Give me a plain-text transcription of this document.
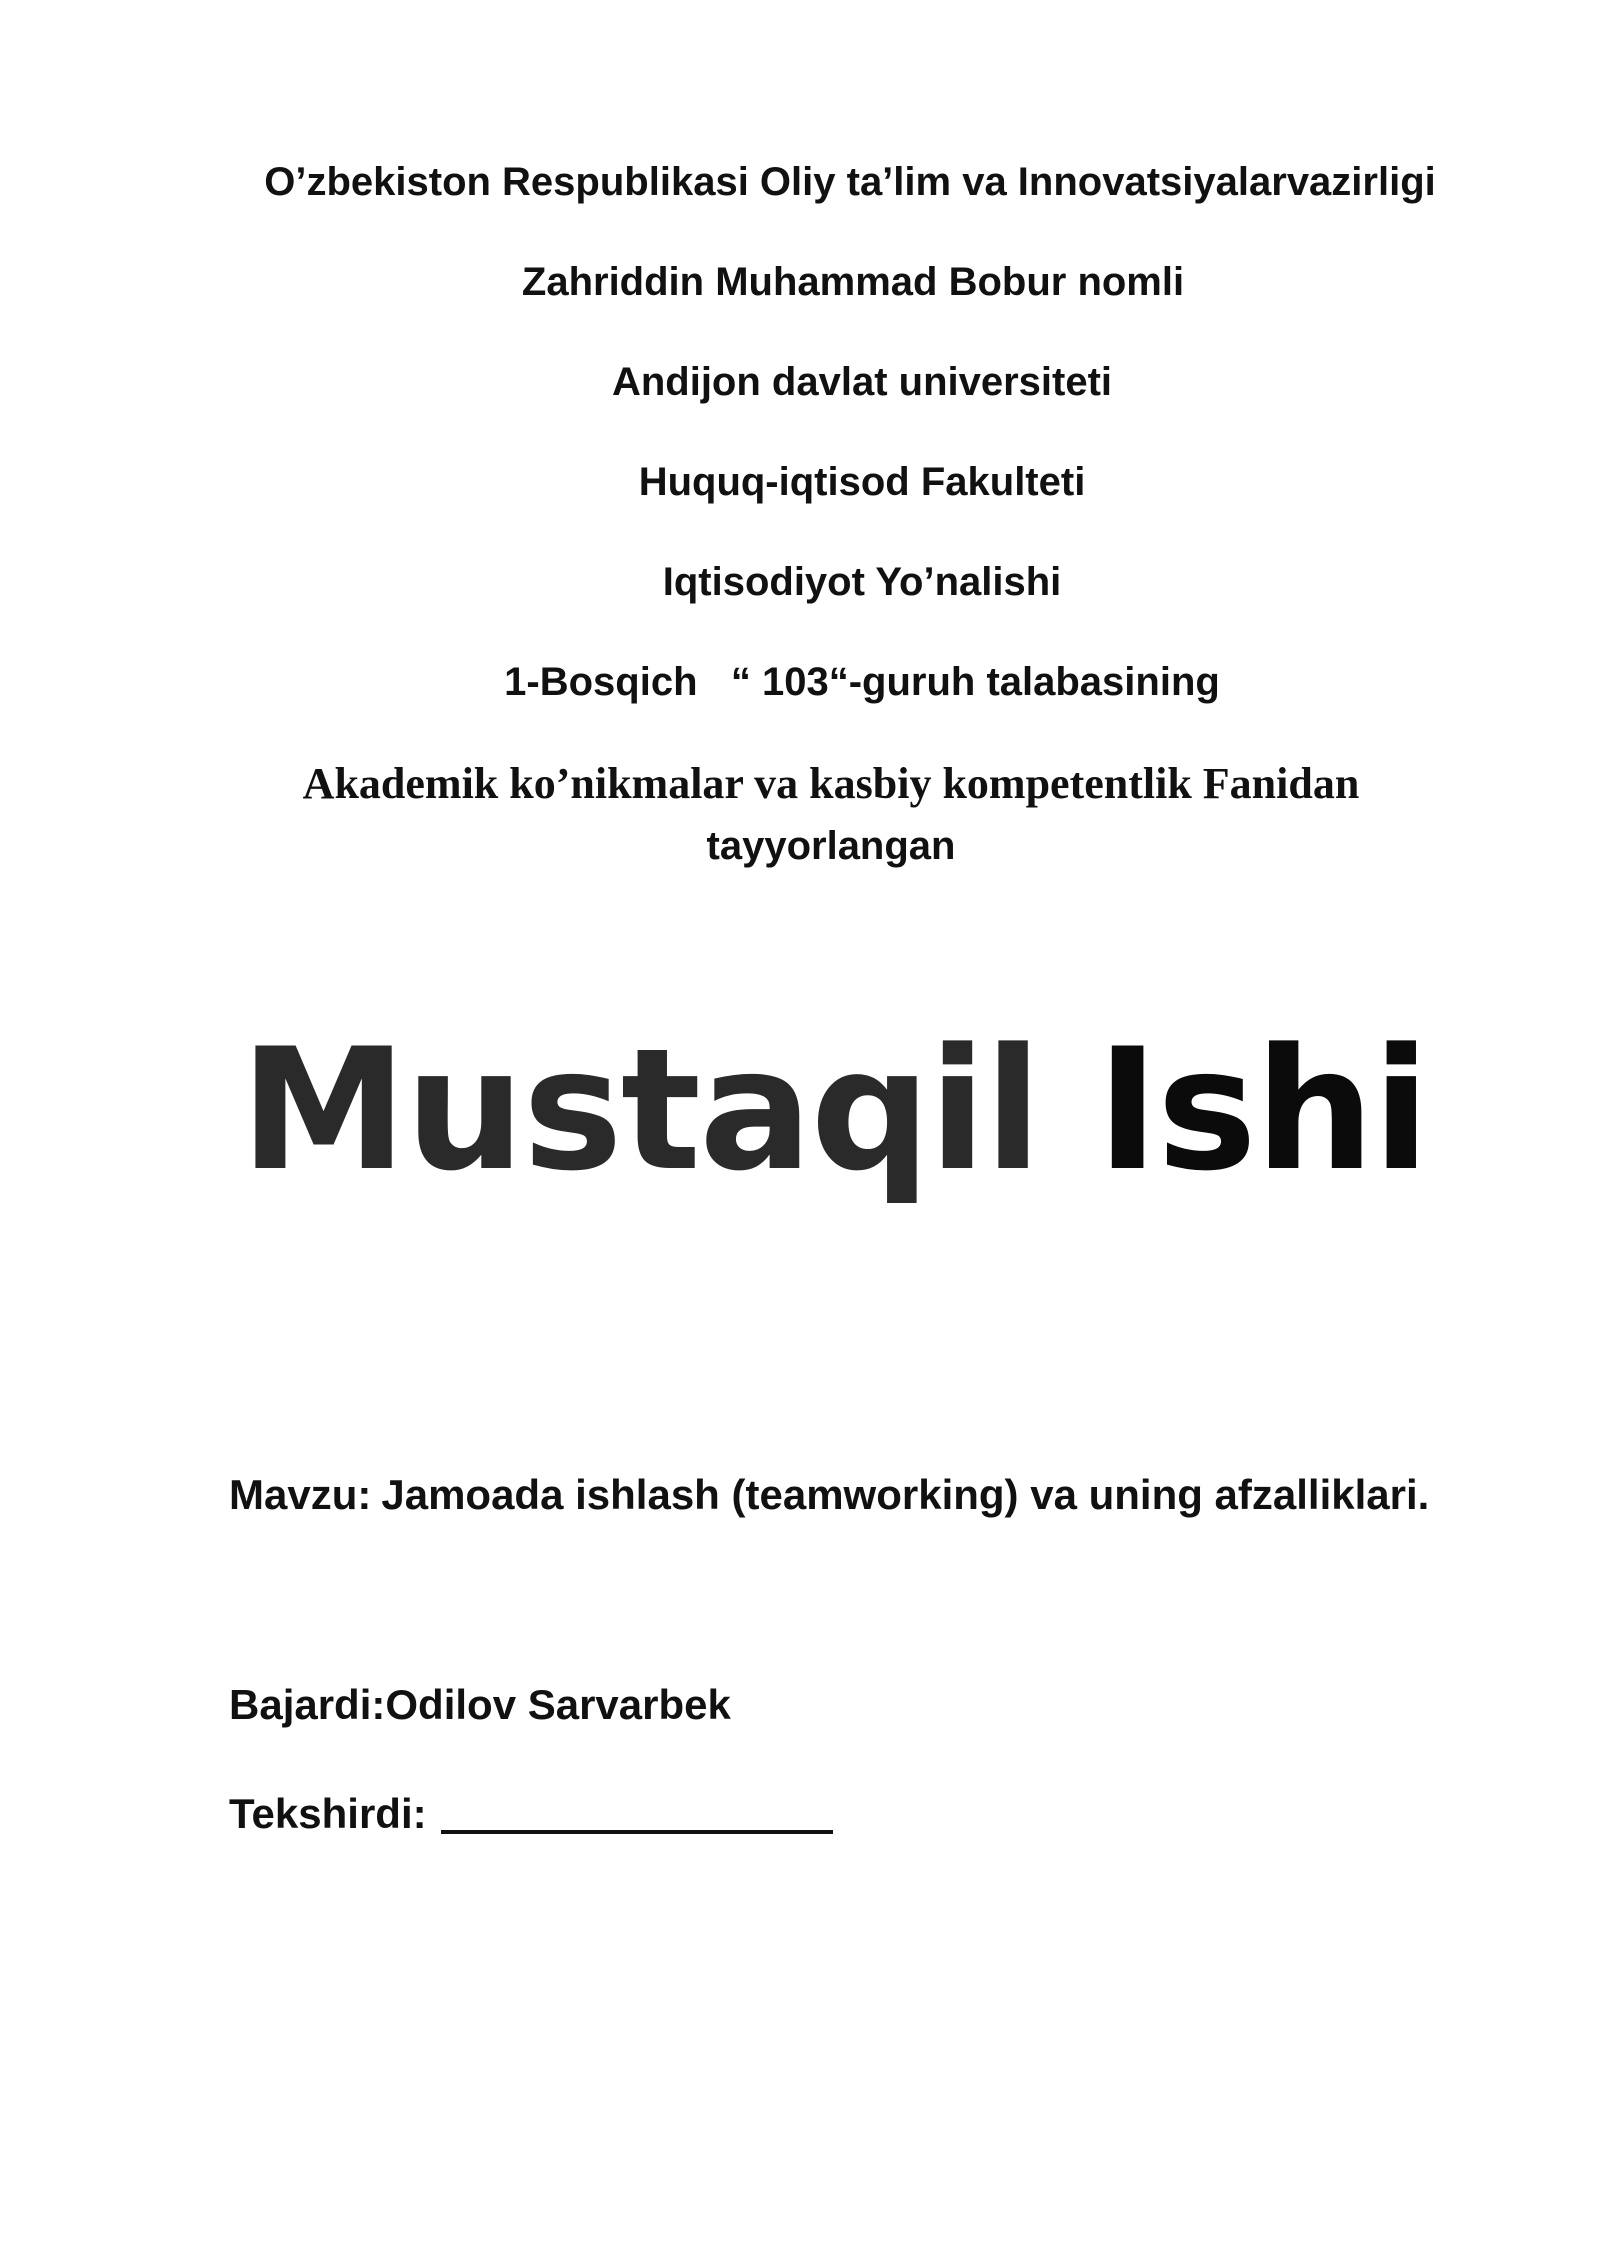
O’zbekiston Respublikasi Oliy ta’lim va Innovatsiyalarvazirligi
Zahriddin Muhammad Bobur nomli
Andijon davlat universiteti
Huquq-iqtisod Fakulteti
Iqtisodiyot Yo’nalishi
1-Bosqich   “ 103“-guruh talabasining
Akademik ko’nikmalar va kasbiy kompetentlik Fanidan
tayyorlangan
Mustaqil Ishi
Mavzu: Jamoada ishlash (teamworking) va uning afzalliklari.
Bajardi:Odilov Sarvarbek
Tekshirdi:
